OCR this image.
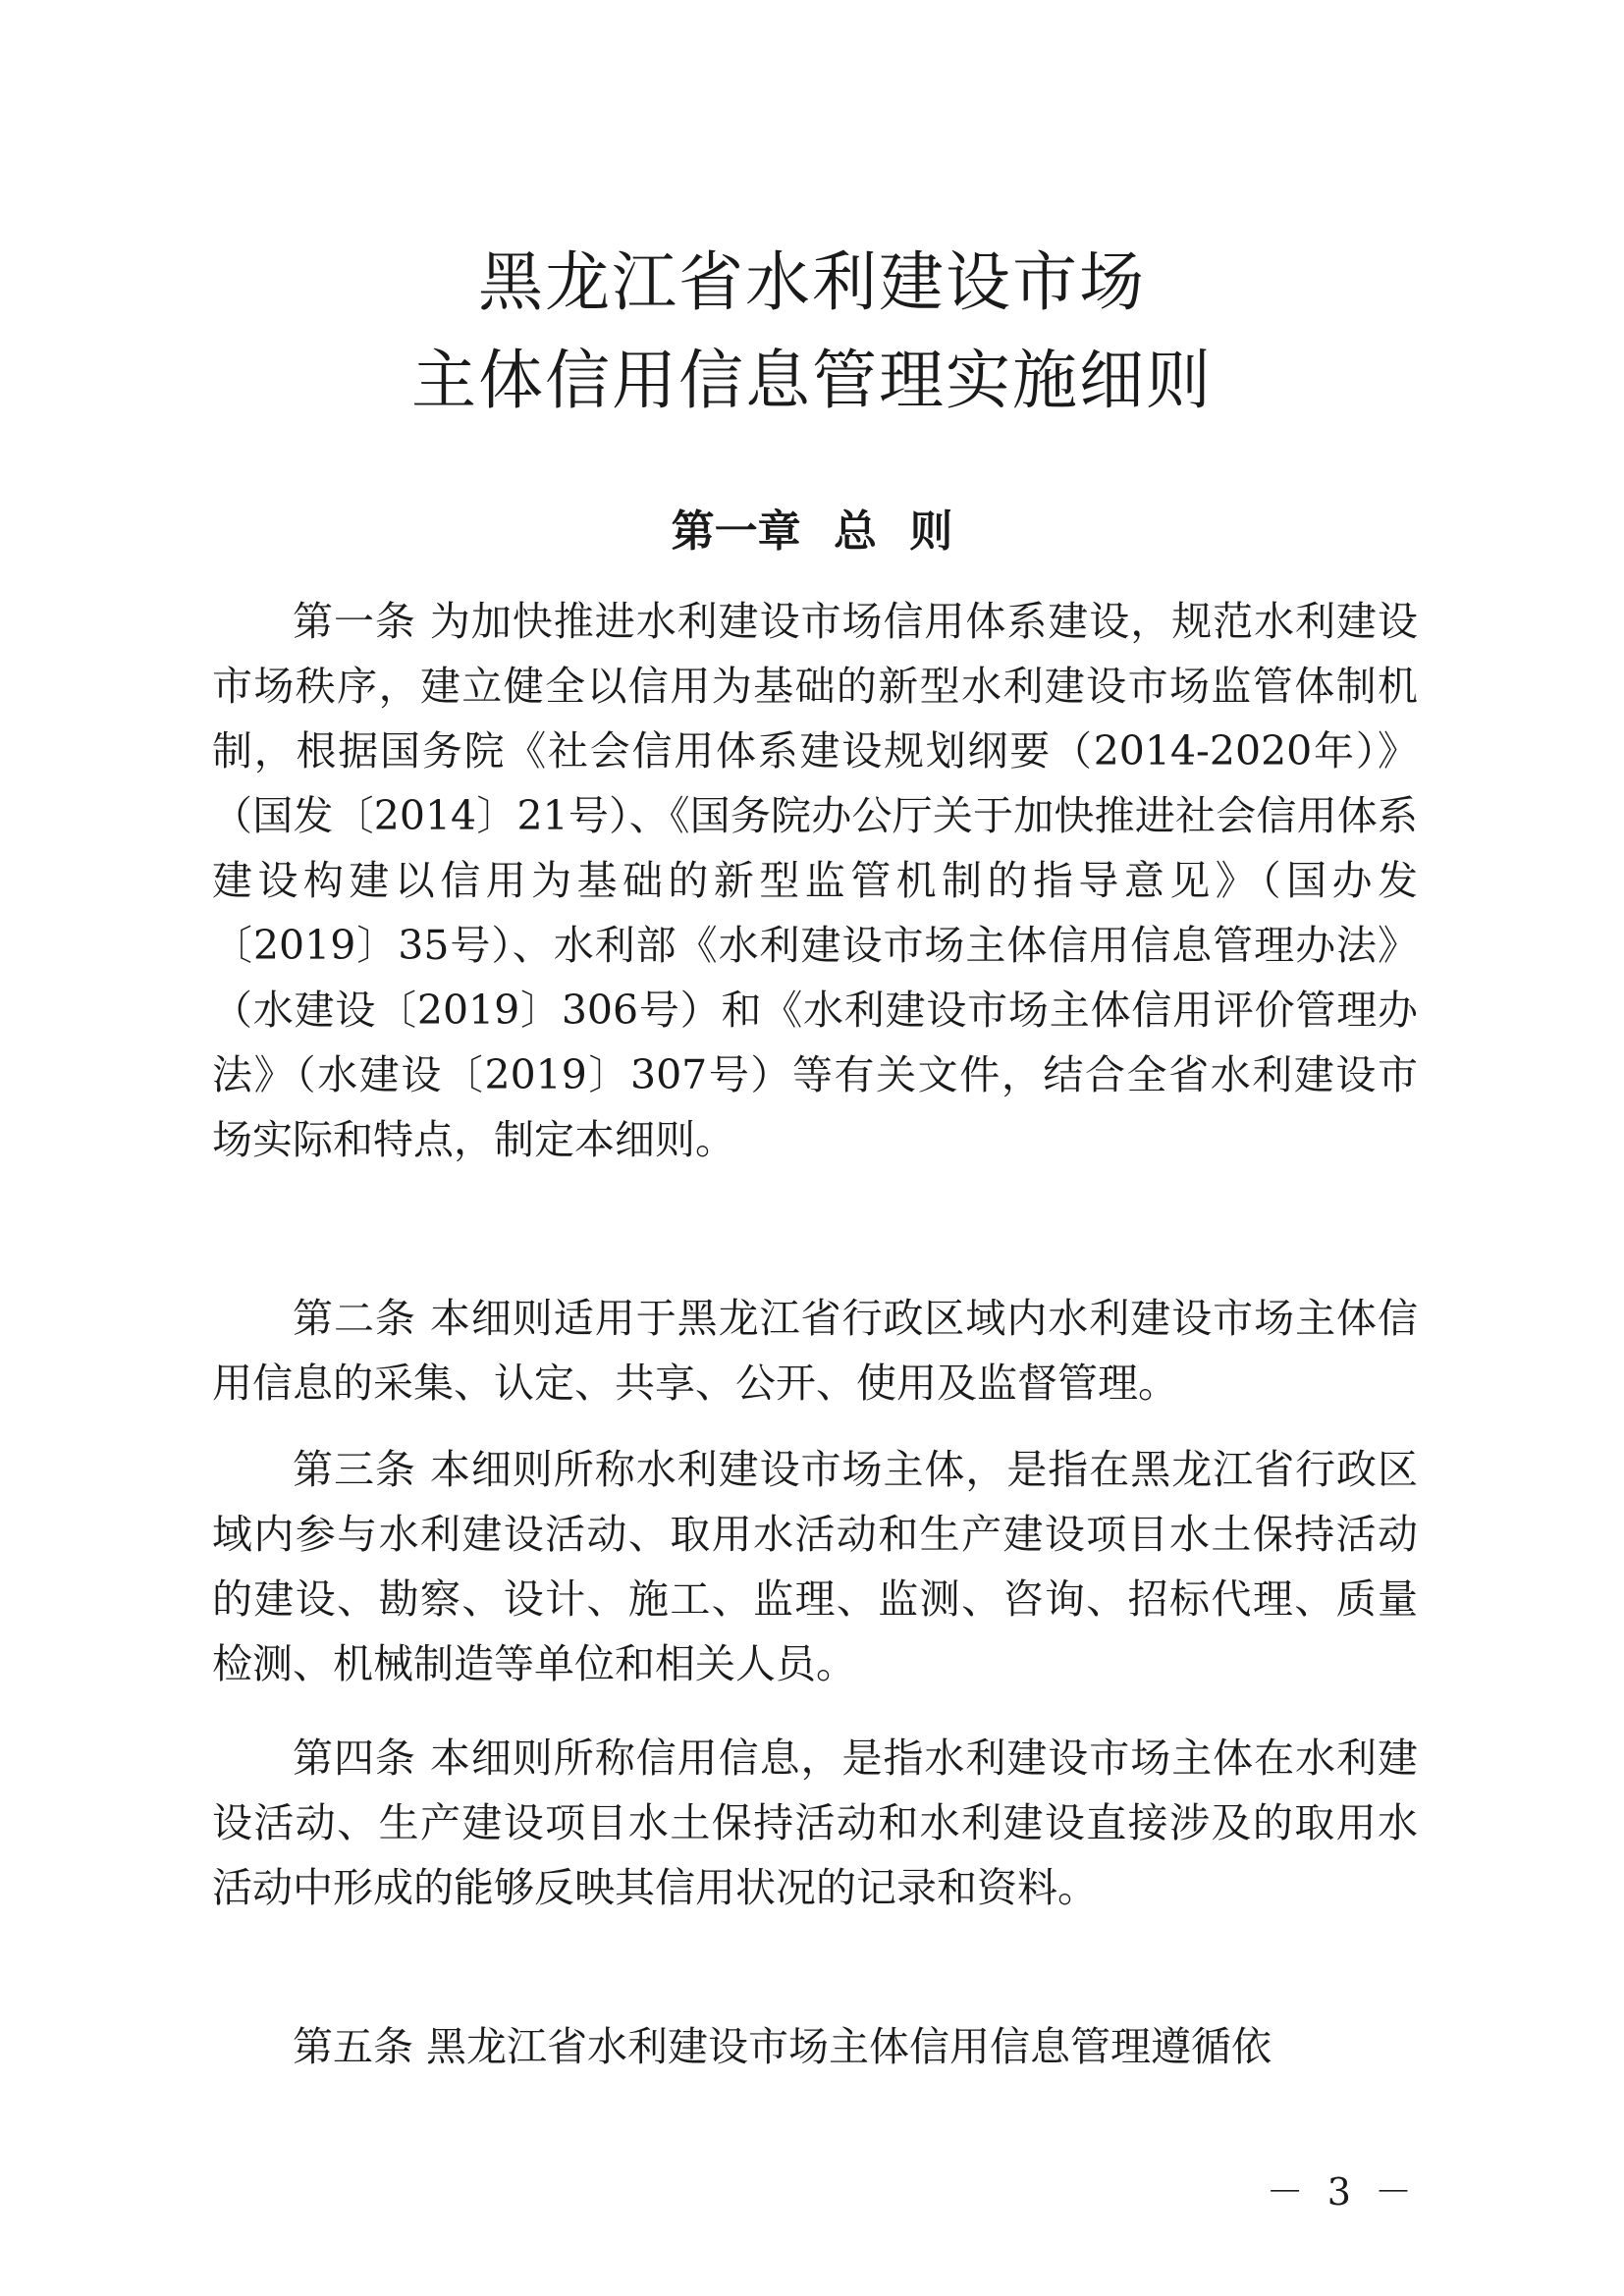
黑龙江省水利建设市场
主体信用信息管理实施细则
第一章 总 则

第一条 为加快推进水利建设市场信用体系建设，规范水利建设市场秩序，建立健全以信用为基础的新型水利建设市场监管体制机制，根据国务院《社会信用体系建设规划纲要（2014-2020年）》（国发〔2014〕21号）、《国务院办公厅关于加快推进社会信用体系建设构建以信用为基础的新型监管机制的指导意见》（国办发〔2019〕35号）、水利部《水利建设市场主体信用信息管理办法》（水建设〔2019〕306号）和《水利建设市场主体信用评价管理办法》（水建设〔2019〕307号）等有关文件，结合全省水利建设市场实际和特点，制定本细则。

第二条 本细则适用于黑龙江省行政区域内水利建设市场主体信用信息的采集、认定、共享、公开、使用及监督管理。

第三条 本细则所称水利建设市场主体，是指在黑龙江省行政区域内参与水利建设活动、取用水活动和生产建设项目水土保持活动的建设、勘察、设计、施工、监理、监测、咨询、招标代理、质量检测、机械制造等单位和相关人员。

第四条 本细则所称信用信息，是指水利建设市场主体在水利建设活动、生产建设项目水土保持活动和水利建设直接涉及的取用水活动中形成的能够反映其信用状况的记录和资料。

第五条 黑龙江省水利建设市场主体信用信息管理遵循依

－ 3 －
